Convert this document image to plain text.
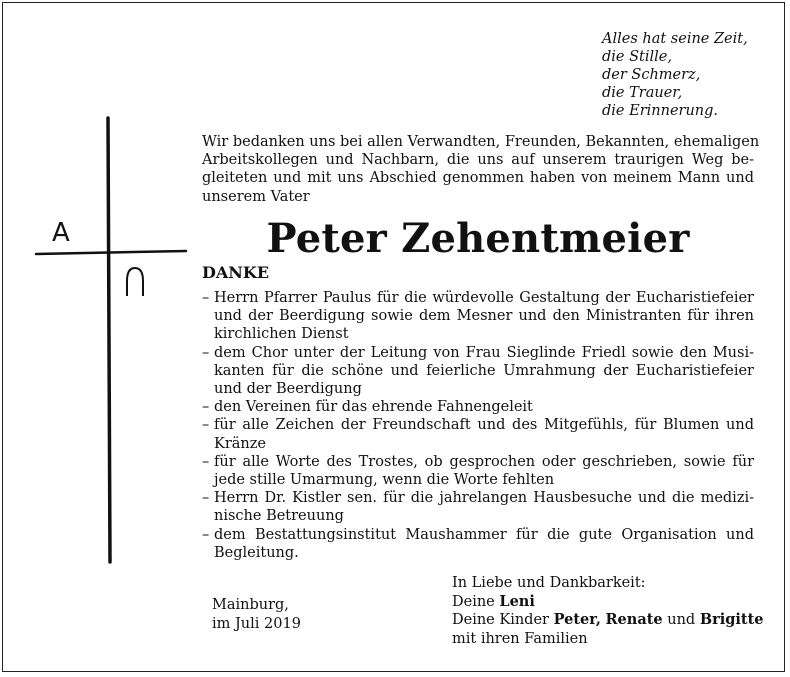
Alles hat seine Zeit,
die Stille,
der Schmerz,
die Trauer,
die Erinnerung.
A
Wir bedanken uns bei allen Verwandten, Freunden, Bekannten, ehemaligen
Arbeitskollegen und Nachbarn, die uns auf unserem traurigen Weg be-
gleiteten und mit uns Abschied genommen haben von meinem Mann und
unserem Vater
Peter Zehentmeier
DANKE
– Herrn Pfarrer Paulus für die würdevolle Gestaltung der Eucharistiefeier
und der Beerdigung sowie dem Mesner und den Ministranten für ihren
kirchlichen Dienst
– dem Chor unter der Leitung von Frau Sieglinde Friedl sowie den Musi-
kanten für die schöne und feierliche Umrahmung der Eucharistiefeier
und der Beerdigung
– den Vereinen für das ehrende Fahnengeleit
– für alle Zeichen der Freundschaft und des Mitgefühls, für Blumen und
Kränze
– für alle Worte des Trostes, ob gesprochen oder geschrieben, sowie für
jede stille Umarmung, wenn die Worte fehlten
– Herrn Dr. Kistler sen. für die jahrelangen Hausbesuche und die medizi-
nische Betreuung
– dem Bestattungsinstitut Maushammer für die gute Organisation und
Begleitung.
Mainburg,
im Juli 2019
In Liebe und Dankbarkeit:
Deine Leni
Deine Kinder Peter, Renate und Brigitte
mit ihren Familien
